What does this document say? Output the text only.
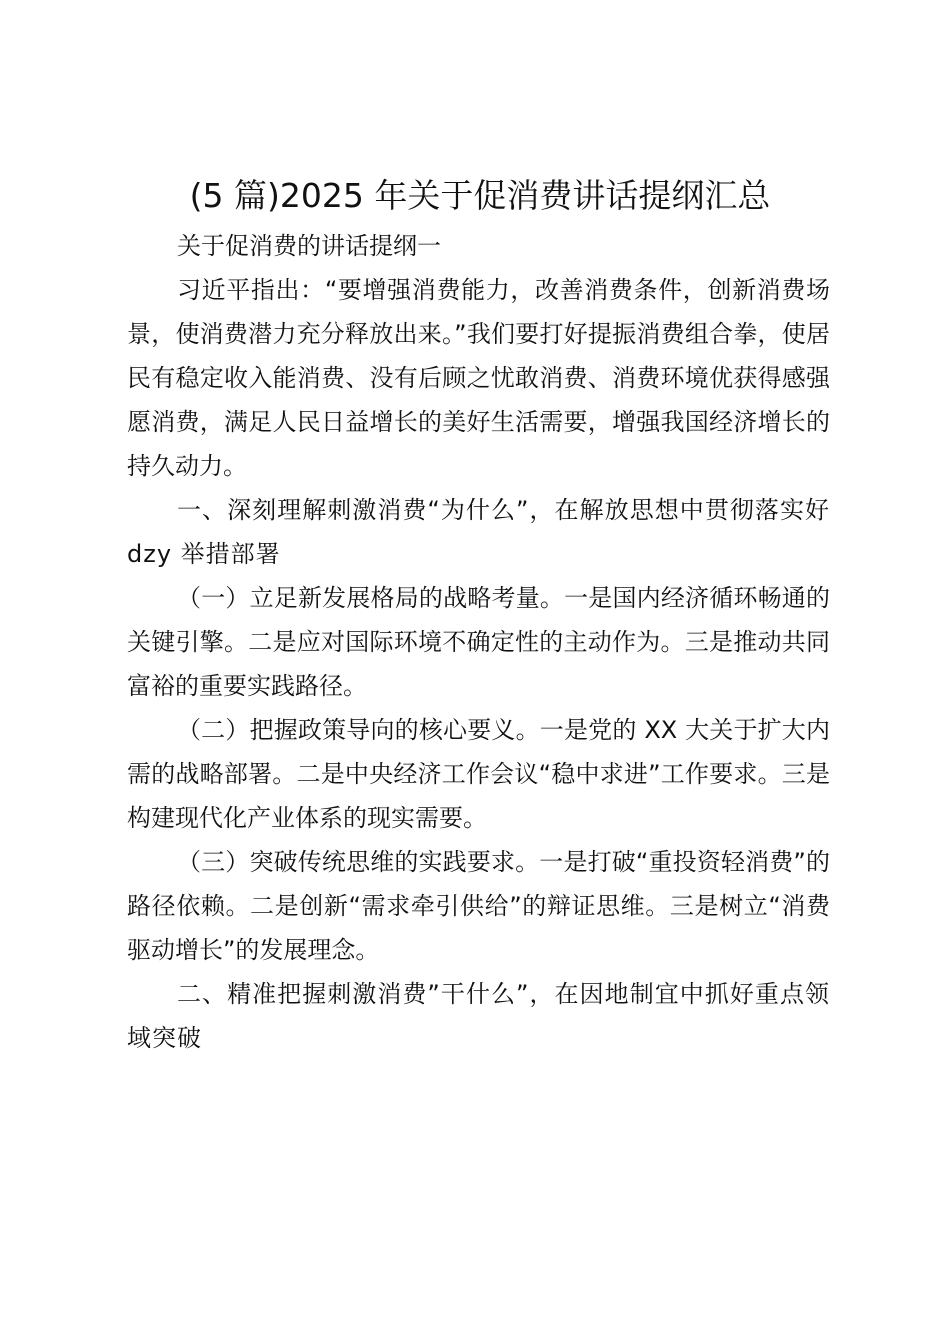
(5 篇)2025 年关于促消费讲话提纲汇总

关于促消费的讲话提纲一

习近平指出：“要增强消费能力，改善消费条件，创新消费场景，使消费潜力充分释放出来。”我们要打好提振消费组合拳，使居民有稳定收入能消费、没有后顾之忧敢消费、消费环境优获得感强愿消费，满足人民日益增长的美好生活需要，增强我国经济增长的持久动力。

一、深刻理解刺激消费“为什么”，在解放思想中贯彻落实好 dzy 举措部署

（一）立足新发展格局的战略考量。一是国内经济循环畅通的关键引擎。二是应对国际环境不确定性的主动作为。三是推动共同富裕的重要实践路径。

（二）把握政策导向的核心要义。一是党的 XX 大关于扩大内需的战略部署。二是中央经济工作会议“稳中求进”工作要求。三是构建现代化产业体系的现实需要。

（三）突破传统思维的实践要求。一是打破“重投资轻消费”的路径依赖。二是创新“需求牵引供给”的辩证思维。三是树立“消费驱动增长”的发展理念。

二、精准把握刺激消费”干什么”，在因地制宜中抓好重点领域突破
